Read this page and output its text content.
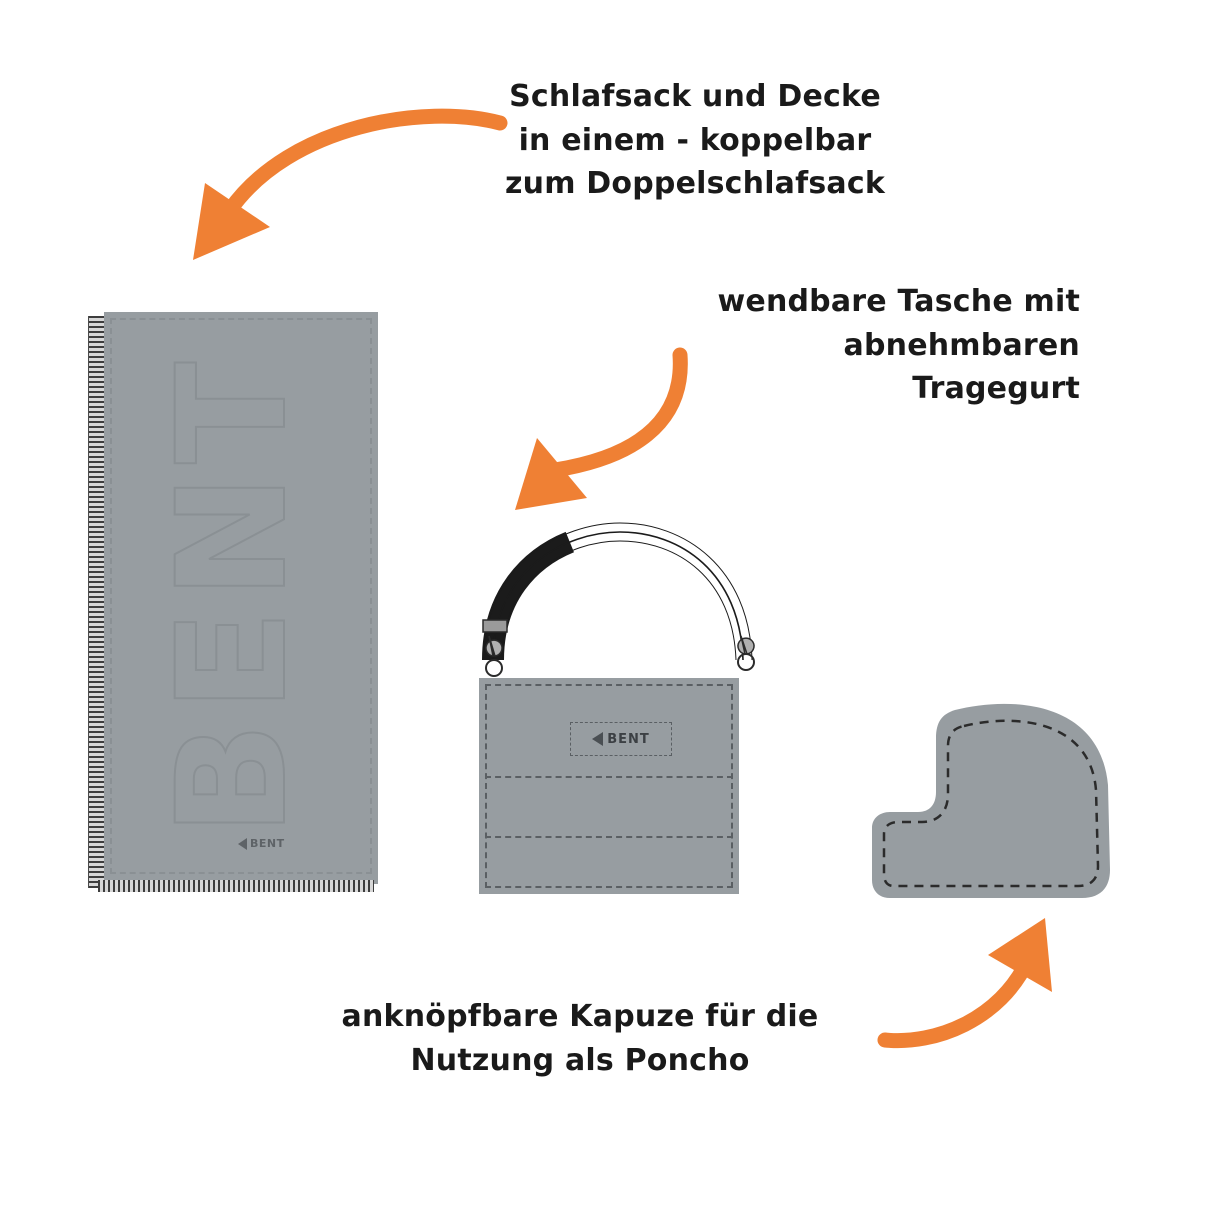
Schlafsack und Decke
in einem - koppelbar
zum Doppelschlafsack
wendbare Tasche mit
abnehmbaren
Tragegurt
anknöpfbare Kapuze für die
Nutzung als Poncho
BENT
BENT
BENT
